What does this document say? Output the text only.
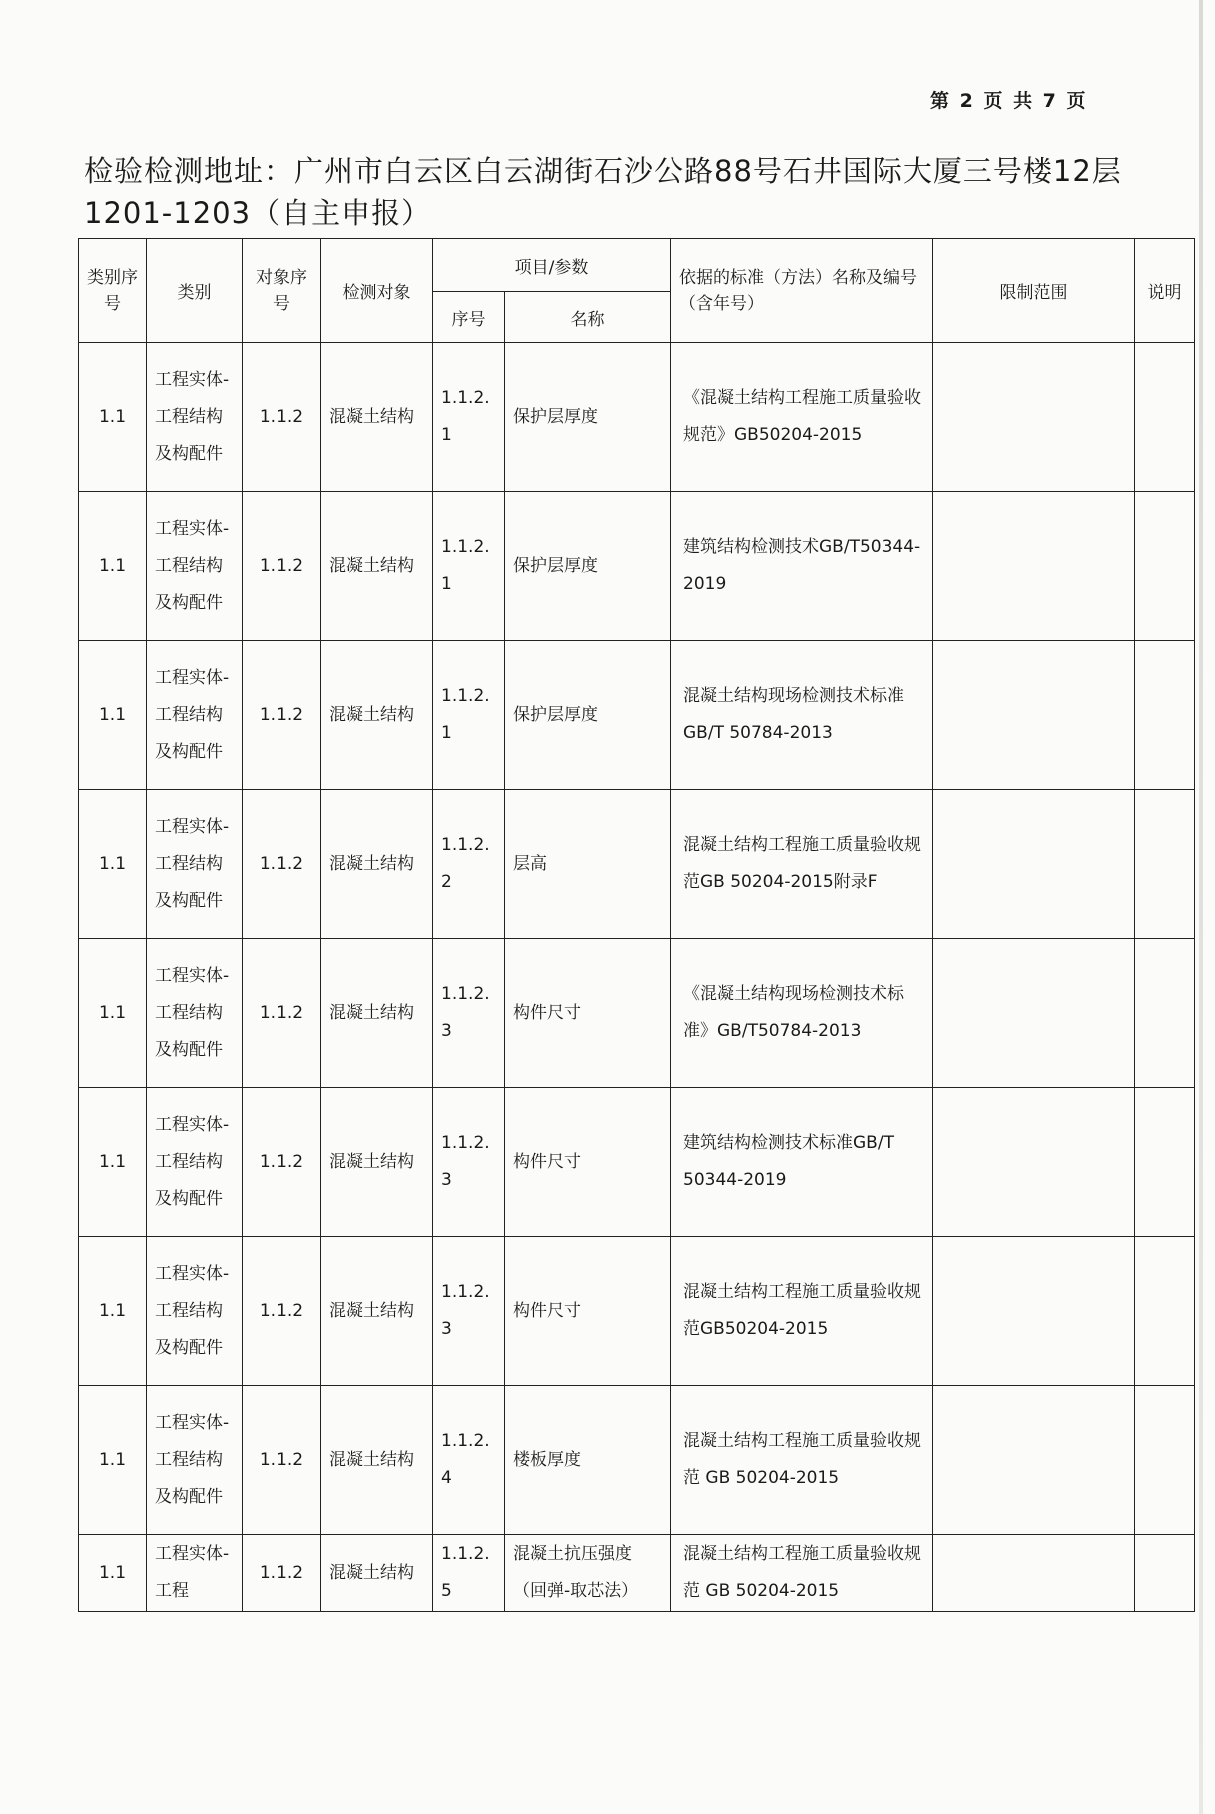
第 2 页 共 7 页
检验检测地址：广州市白云区白云湖街石沙公路88号石井国际大厦三号楼12层1201-1203（自主申报）
类别序号	类别	对象序号	检测对象	项目/参数		依据的标准（方法）名称及编号（含年号）	限制范围	说明
				序号	名称			
1.1	工程实体-工程结构及构配件	1.1.2	混凝土结构	1.1.2.1	保护层厚度	《混凝土结构工程施工质量验收规范》GB50204-2015		
1.1	工程实体-工程结构及构配件	1.1.2	混凝土结构	1.1.2.1	保护层厚度	建筑结构检测技术GB/T50344-2019		
1.1	工程实体-工程结构及构配件	1.1.2	混凝土结构	1.1.2.1	保护层厚度	混凝土结构现场检测技术标准GB/T 50784-2013		
1.1	工程实体-工程结构及构配件	1.1.2	混凝土结构	1.1.2.2	层高	混凝土结构工程施工质量验收规范GB 50204-2015附录F		
1.1	工程实体-工程结构及构配件	1.1.2	混凝土结构	1.1.2.3	构件尺寸	《混凝土结构现场检测技术标准》GB/T50784-2013		
1.1	工程实体-工程结构及构配件	1.1.2	混凝土结构	1.1.2.3	构件尺寸	建筑结构检测技术标准GB/T 50344-2019		
1.1	工程实体-工程结构及构配件	1.1.2	混凝土结构	1.1.2.3	构件尺寸	混凝土结构工程施工质量验收规范GB50204-2015		
1.1	工程实体-工程结构及构配件	1.1.2	混凝土结构	1.1.2.4	楼板厚度	混凝土结构工程施工质量验收规范 GB 50204-2015		
1.1	工程实体-工程	1.1.2	混凝土结构	1.1.2.5	混凝土抗压强度（回弹-取芯法）	混凝土结构工程施工质量验收规范 GB 50204-2015		
